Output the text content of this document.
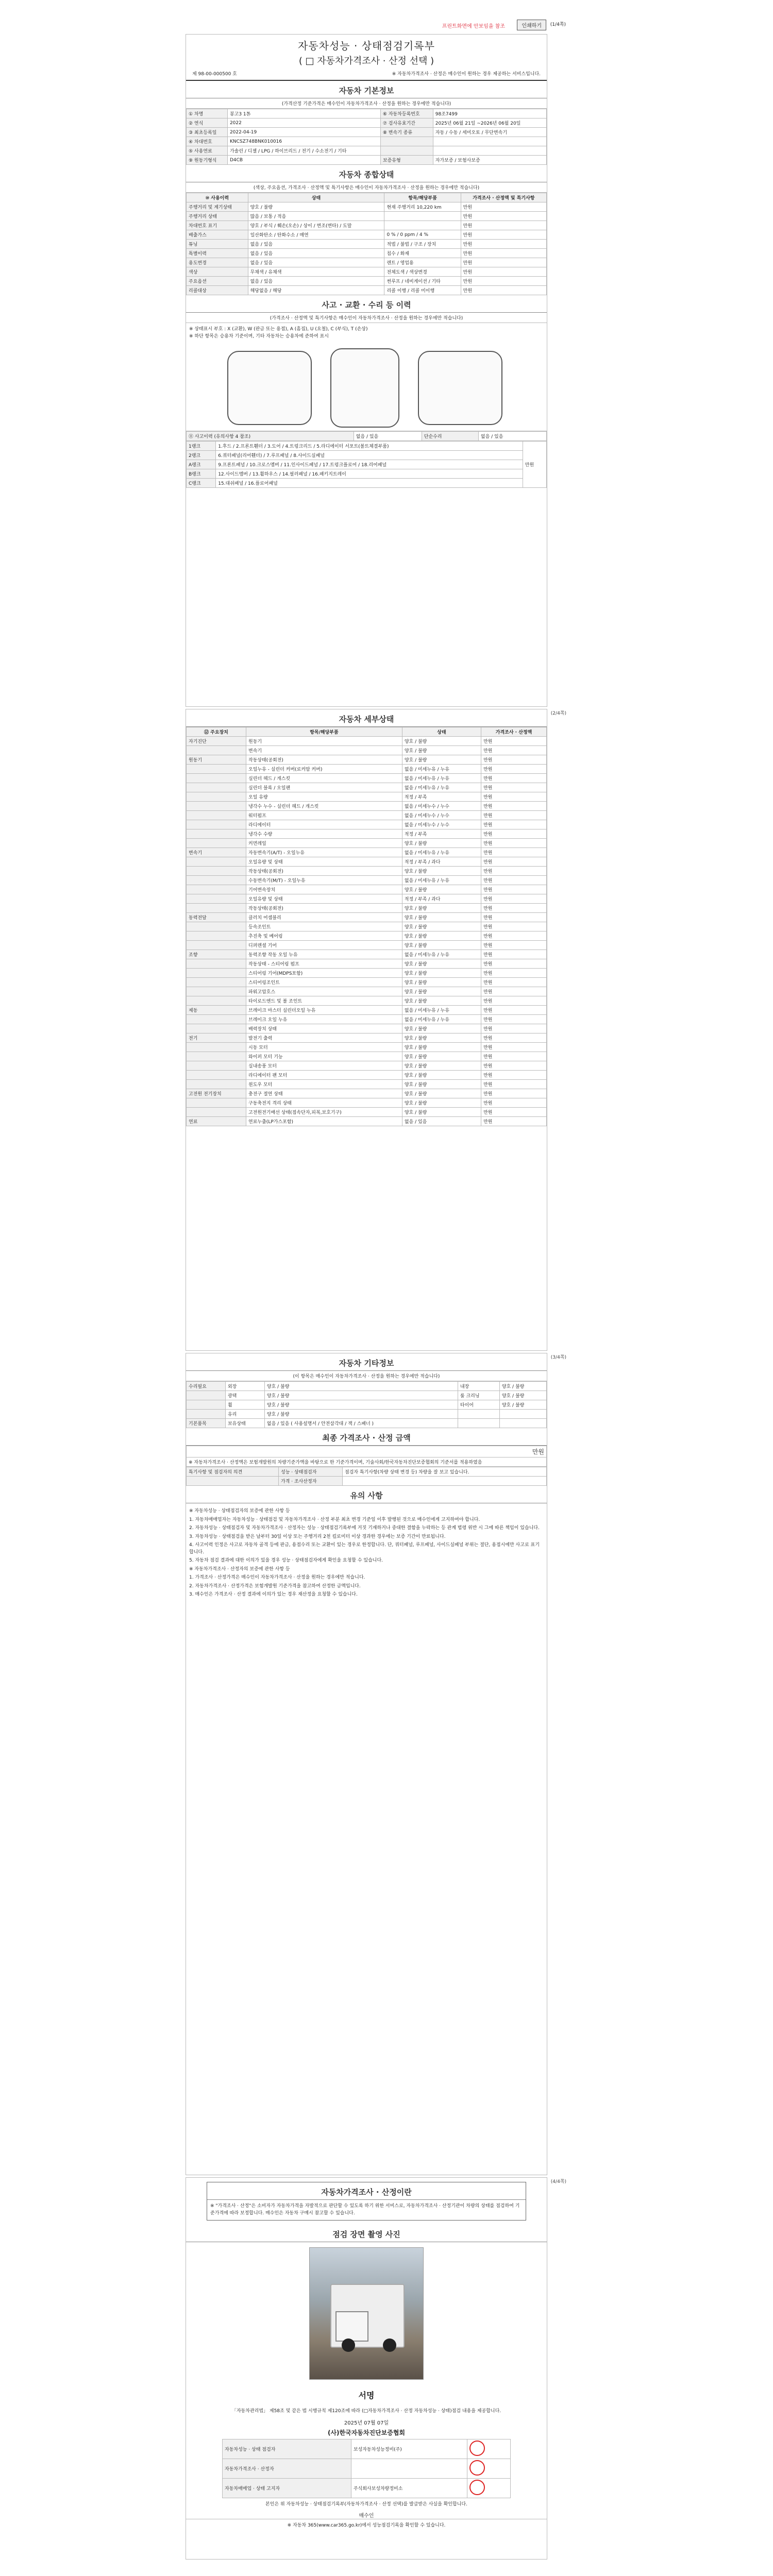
프린트화면에 안보임을 참조	인쇄하기	(1/4쪽)
자동차성능 · 상태점검기록부
( □ 자동차가격조사 · 산정 선택 )
제 98-00-000500 호	※ 자동차가격조사 · 산정은 매수인이 원하는 경우 제공하는 서비스입니다.
자동차 기본정보
(가격산정 기준가격은 매수인이 자동차가격조사 · 산정을 원하는 경우에만 적습니다)
① 차명	봉고3 1톤	⑥ 자동차등록번호	98조7499
② 연식	2022	⑦ 검사유효기간	2025년 06월 21일 ~2026년 06월 20일
③ 최초등록일	2022-04-19	⑧ 변속기 종류	자동 / 수동 / 세미오토 / 무단변속기
④ 차대번호	KNCSZ748BNK010016		
⑤ 사용연료	가솔린 / 디젤 / LPG / 하이브리드 / 전기 / 수소전기 / 기타		
⑨ 원동기형식	D4CB	보증유형	자가보증 / 보험사보증
자동차 종합상태
(색상, 주요옵션, 가격조사 · 산정액 및 특기사항은 매수인이 자동차가격조사 · 산정을 원하는 경우에만 적습니다)
⑩ 사용이력	상태	항목/해당부품	가격조사 · 산정액 및 특기사항
주행거리 및 계기상태	양호 / 불량	현재 주행거리 10,220 km	만원
주행거리 상태	많음 / 보통 / 적음		만원
차대번호 표기	양호 / 부식 / 훼손(오손) / 상이 / 변조(변타) / 도말		만원
배출가스	일산화탄소 / 탄화수소 / 매연	0 % / 0 ppm / 4 %	만원
튜닝	없음 / 있음	적법 / 불법 / 구조 / 장치	만원
특별이력	없음 / 있음	침수 / 화재	만원
용도변경	없음 / 있음	렌트 / 영업용	만원
색상	무채색 / 유채색	전체도색 / 색상변경	만원
주요옵션	없음 / 있음	썬루프 / 네비게이션 / 기타	만원
리콜대상	해당없음 / 해당	리콜 이행 / 리콜 미이행	만원
사고 · 교환 · 수리 등 이력
(가격조사 · 산정액 및 특기사항은 매수인이 자동차가격조사 · 산정을 원하는 경우에만 적습니다)
※ 상태표시 부호 : X (교환), W (판금 또는 용접), A (흠집), U (요철), C (부식), T (손상)
※ 하단 항목은 승용차 기준이며, 기타 자동차는 승용차에 준하여 표시
⑪ 사고이력 (유의사항 4 참조)	없음 / 있음	단순수리	없음 / 있음
1랭크	1.후드 / 2.프론트휀더 / 3.도어 / 4.트렁크리드 / 5.라디에이터 서포트(볼트체결부품)	만원
2랭크	6.쿼터패널(리어휀더) / 7.루프패널 / 8.사이드실패널	
A랭크	9.프론트패널 / 10.크로스멤버 / 11.인사이드패널 / 17.트렁크플로어 / 18.리어패널	
B랭크	12.사이드멤버 / 13.휠하우스 / 14.필러패널 / 16.패키지트레이	
C랭크	15.대쉬패널 / 16.플로어패널	
(2/4쪽)
자동차 세부상태
⑫ 주요장치	항목/해당부품	상태	가격조사 · 산정액
자기진단	원동기	양호 / 불량	만원
	변속기	양호 / 불량	만원
원동기	작동상태(공회전)	양호 / 불량	만원
	오일누유 - 실린더 커버(로커암 커버)	없음 / 미세누유 / 누유	만원
	실린더 헤드 / 개스킷	없음 / 미세누유 / 누유	만원
	실린더 블록 / 오일팬	없음 / 미세누유 / 누유	만원
	오일 유량	적정 / 부족	만원
	냉각수 누수 - 실린더 헤드 / 개스킷	없음 / 미세누수 / 누수	만원
	워터펌프	없음 / 미세누수 / 누수	만원
	라디에이터	없음 / 미세누수 / 누수	만원
	냉각수 수량	적정 / 부족	만원
	커먼레일	양호 / 불량	만원
변속기	자동변속기(A/T) - 오일누유	없음 / 미세누유 / 누유	만원
	오일유량 및 상태	적정 / 부족 / 과다	만원
	작동상태(공회전)	양호 / 불량	만원
	수동변속기(M/T) - 오일누유	없음 / 미세누유 / 누유	만원
	기어변속장치	양호 / 불량	만원
	오일유량 및 상태	적정 / 부족 / 과다	만원
	작동상태(공회전)	양호 / 불량	만원
동력전달	클러치 어셈블리	양호 / 불량	만원
	등속조인트	양호 / 불량	만원
	추진축 및 베어링	양호 / 불량	만원
	디퍼렌셜 기어	양호 / 불량	만원
조향	동력조향 작동 오일 누유	없음 / 미세누유 / 누유	만원
	작동상태 - 스티어링 펌프	양호 / 불량	만원
	스티어링 기어(MDPS포함)	양호 / 불량	만원
	스티어링조인트	양호 / 불량	만원
	파워고압호스	양호 / 불량	만원
	타이로드엔드 및 볼 조인트	양호 / 불량	만원
제동	브레이크 마스터 실린더오일 누유	없음 / 미세누유 / 누유	만원
	브레이크 오일 누유	없음 / 미세누유 / 누유	만원
	배력장치 상태	양호 / 불량	만원
전기	발전기 출력	양호 / 불량	만원
	시동 모터	양호 / 불량	만원
	와이퍼 모터 기능	양호 / 불량	만원
	실내송풍 모터	양호 / 불량	만원
	라디에이터 팬 모터	양호 / 불량	만원
	윈도우 모터	양호 / 불량	만원
고전원 전기장치	충전구 절연 상태	양호 / 불량	만원
	구동축전지 격리 상태	양호 / 불량	만원
	고전원전기배선 상태(접속단자,피복,보호기구)	양호 / 불량	만원
연료	연료누출(LP가스포함)	없음 / 있음	만원
(3/4쪽)
자동차 기타정보
(이 항목은 매수인이 자동차가격조사 · 산정을 원하는 경우에만 적습니다)
수리필요	외장	양호 / 불량	내장	양호 / 불량
	광택	양호 / 불량	룸 크리닝	양호 / 불량
	휠	양호 / 불량	타이어	양호 / 불량
	유리	양호 / 불량		
기본품목	보유상태	없음 / 있음 ( 사용설명서 / 안전삼각대 / 잭 / 스패너 )		
최종 가격조사 · 산정 금액
만원
※ 자동차가격조사 · 산정액은 보험개발원의 차량기준가액을 바탕으로 한 기준가격이며, 기술사회/한국자동차진단보증협회의 기준서를 적용하였음
특기사항 및 점검자의 의견	성능 · 상태점검자	점검자 특기사항(차량 상태 변경 등) 차량을 잘 보고 있습니다.
	가격 · 조사산정자	
유의 사항

※ 자동차성능 · 상태점검자의 보증에 관한 사항 등

1. 자동차매매업자는 자동차성능 · 상태점검 및 자동차가격조사 · 산정 부분 최초 변경 기준일 이후 발행된 것으로 매수인에게 고지하여야 합니다.

2. 자동차성능 · 상태점검자 및 자동차가격조사 · 산정자는 성능 · 상태점검기록부에 거짓 기재하거나 중대한 결함을 누락하는 등 관계 법령 위반 시 그에 따른 책임이 있습니다.

3. 자동차성능 · 상태점검을 받은 날부터 30일 이상 또는 주행거리 2천 킬로미터 이상 경과한 경우에는 보증 기간이 만료됩니다.

4. 사고이력 인정은 사고로 자동차 골격 등에 판금, 용접수리 또는 교환이 있는 경우로 한정합니다. 단, 쿼터패널, 루프패널, 사이드실패널 부위는 절단, 용접시에만 사고로 표기합니다.

5. 자동차 점검 결과에 대한 이의가 있을 경우 성능 · 상태점검자에게 확인을 요청할 수 있습니다.

※ 자동차가격조사 · 산정자의 보증에 관한 사항 등

1. 가격조사 · 산정가격은 매수인이 자동차가격조사 · 산정을 원하는 경우에만 적습니다.

2. 자동차가격조사 · 산정가격은 보험개발원 기준가격을 참고하여 산정한 금액입니다.

3. 매수인은 가격조사 · 산정 결과에 이의가 있는 경우 재산정을 요청할 수 있습니다.

(4/4쪽)
자동차가격조사 · 산정이란
※ "가격조사 · 산정"은 소비자가 자동차가격을 자발적으로 판단할 수 있도록 하기 위한 서비스로, 자동차가격조사 · 산정기관이 차량의 상태를 점검하여 기준가격에 따라 보정합니다. 매수인은 자동차 구매시 참고할 수 있습니다.
점검 장면 촬영 사진
서명
「자동차관리법」 제58조 및 같은 법 시행규칙 제120조에 따라 (□자동차가격조사 · 산정 자동차성능 · 상태)점검 내용을 제공합니다.
2025년 07월 07일
(사)한국자동차진단보증협회
자동차성능 · 상태 점검자	보성자동차성능정비(주)	
자동차가격조사 · 산정자		
자동차매매업 · 상태 고지자	주식회사보성차량정비소	
본인은 위 자동차성능 · 상태점검기록부(자동차가격조사 · 산정 선택)를 발급받은 사실을 확인합니다.
매수인
※ 자동차 365(www.car365.go.kr)에서 성능점검기록을 확인할 수 있습니다.
